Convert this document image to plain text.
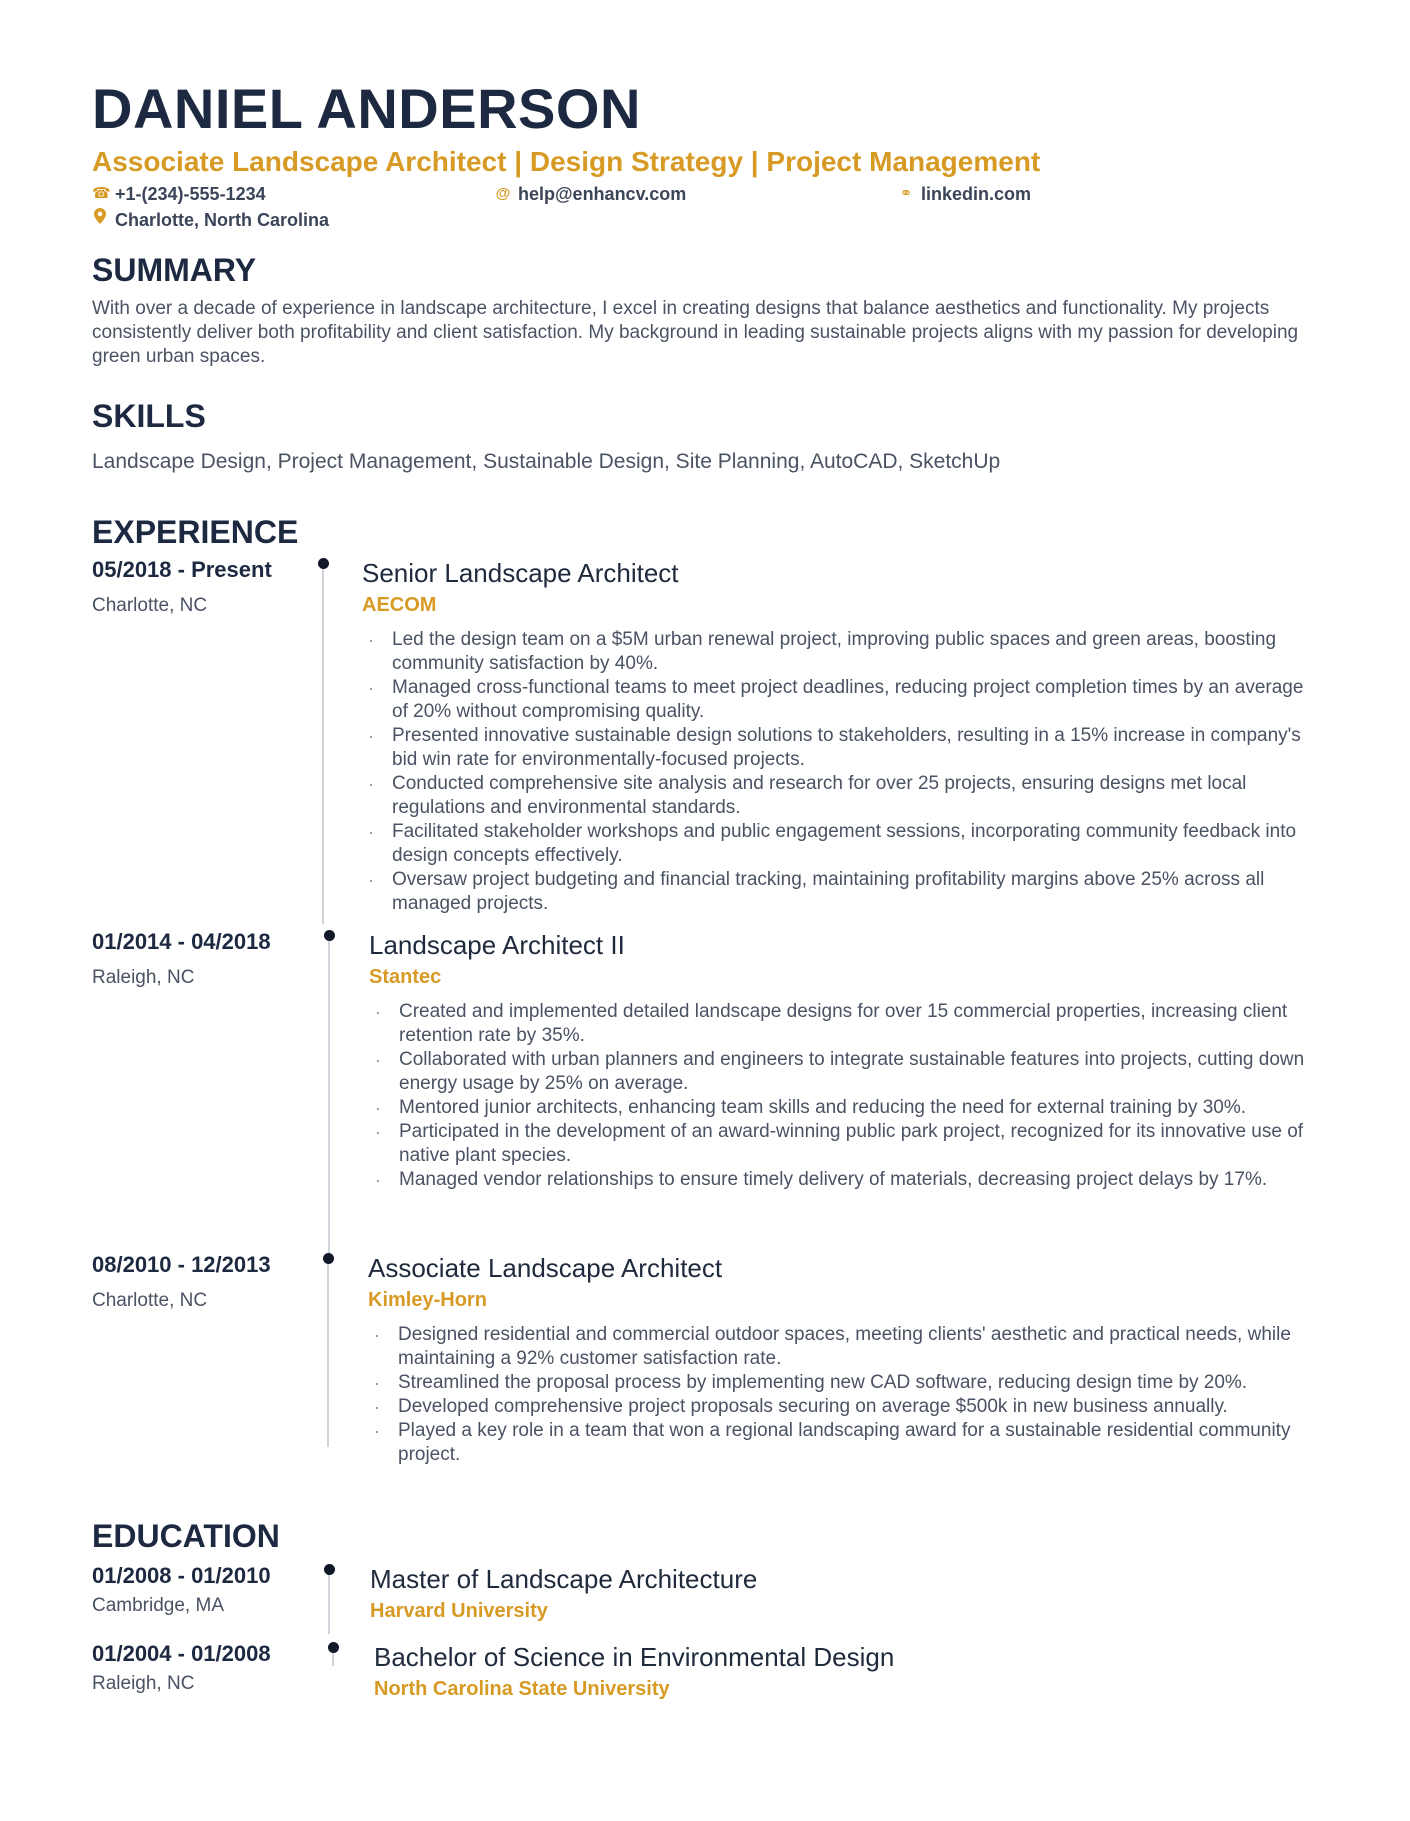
DANIEL ANDERSON
Associate Landscape Architect | Design Strategy | Project Management
☎ +1-(234)-555-1234	@ help@enhancv.com	⚭ linkedin.com
Charlotte, North Carolina
SUMMARY
With over a decade of experience in landscape architecture, I excel in creating designs that balance aesthetics and functionality. My projects consistently deliver both profitability and client satisfaction. My background in leading sustainable projects aligns with my passion for developing green urban spaces.
SKILLS
Landscape Design, Project Management, Sustainable Design, Site Planning, AutoCAD, SketchUp
EXPERIENCE
05/2018 - Present
Charlotte, NC
Senior Landscape Architect
AECOM
· Led the design team on a $5M urban renewal project, improving public spaces and green areas, boosting community satisfaction by 40%.
· Managed cross-functional teams to meet project deadlines, reducing project completion times by an average of 20% without compromising quality.
· Presented innovative sustainable design solutions to stakeholders, resulting in a 15% increase in company's bid win rate for environmentally-focused projects.
· Conducted comprehensive site analysis and research for over 25 projects, ensuring designs met local regulations and environmental standards.
· Facilitated stakeholder workshops and public engagement sessions, incorporating community feedback into design concepts effectively.
· Oversaw project budgeting and financial tracking, maintaining profitability margins above 25% across all managed projects.
01/2014 - 04/2018
Raleigh, NC
Landscape Architect II
Stantec
· Created and implemented detailed landscape designs for over 15 commercial properties, increasing client retention rate by 35%.
· Collaborated with urban planners and engineers to integrate sustainable features into projects, cutting down energy usage by 25% on average.
· Mentored junior architects, enhancing team skills and reducing the need for external training by 30%.
· Participated in the development of an award-winning public park project, recognized for its innovative use of native plant species.
· Managed vendor relationships to ensure timely delivery of materials, decreasing project delays by 17%.
08/2010 - 12/2013
Charlotte, NC
Associate Landscape Architect
Kimley-Horn
· Designed residential and commercial outdoor spaces, meeting clients' aesthetic and practical needs, while maintaining a 92% customer satisfaction rate.
· Streamlined the proposal process by implementing new CAD software, reducing design time by 20%.
· Developed comprehensive project proposals securing on average $500k in new business annually.
· Played a key role in a team that won a regional landscaping award for a sustainable residential community project.
EDUCATION
01/2008 - 01/2010
Cambridge, MA
Master of Landscape Architecture
Harvard University
01/2004 - 01/2008
Raleigh, NC
Bachelor of Science in Environmental Design
North Carolina State University
